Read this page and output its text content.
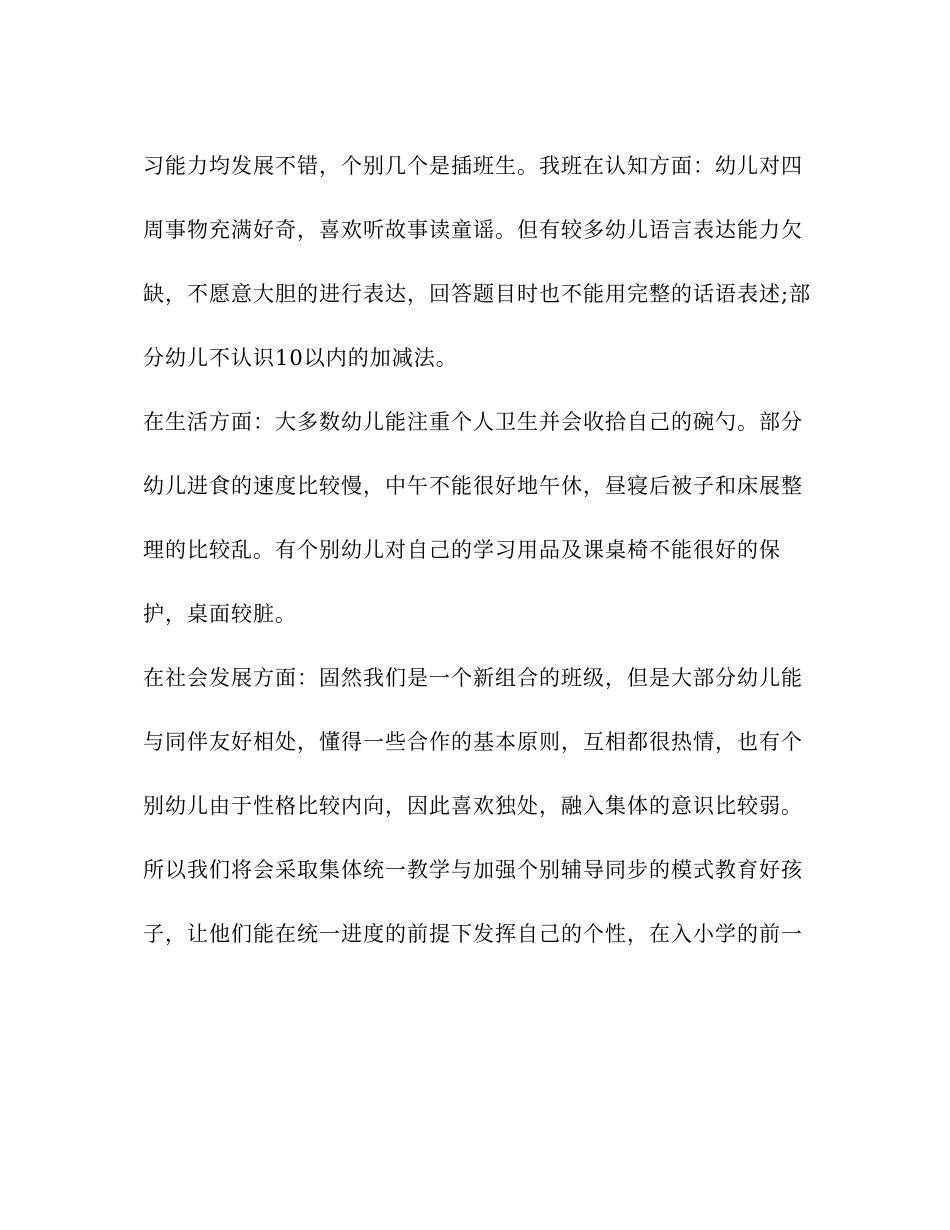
习能力均发展不错，个别几个是插班生。我班在认知方面：幼儿对四
周事物充满好奇，喜欢听故事读童谣。但有较多幼儿语言表达能力欠
缺，不愿意大胆的进行表达，回答题目时也不能用完整的话语表述;部
分幼儿不认识10以内的加减法。
在生活方面：大多数幼儿能注重个人卫生并会收拾自己的碗勺。部分
幼儿进食的速度比较慢，中午不能很好地午休，昼寝后被子和床展整
理的比较乱。有个别幼儿对自己的学习用品及课桌椅不能很好的保
护，桌面较脏。
在社会发展方面：固然我们是一个新组合的班级，但是大部分幼儿能
与同伴友好相处，懂得一些合作的基本原则，互相都很热情，也有个
别幼儿由于性格比较内向，因此喜欢独处，融入集体的意识比较弱。
所以我们将会采取集体统一教学与加强个别辅导同步的模式教育好孩
子，让他们能在统一进度的前提下发挥自己的个性，在入小学的前一
